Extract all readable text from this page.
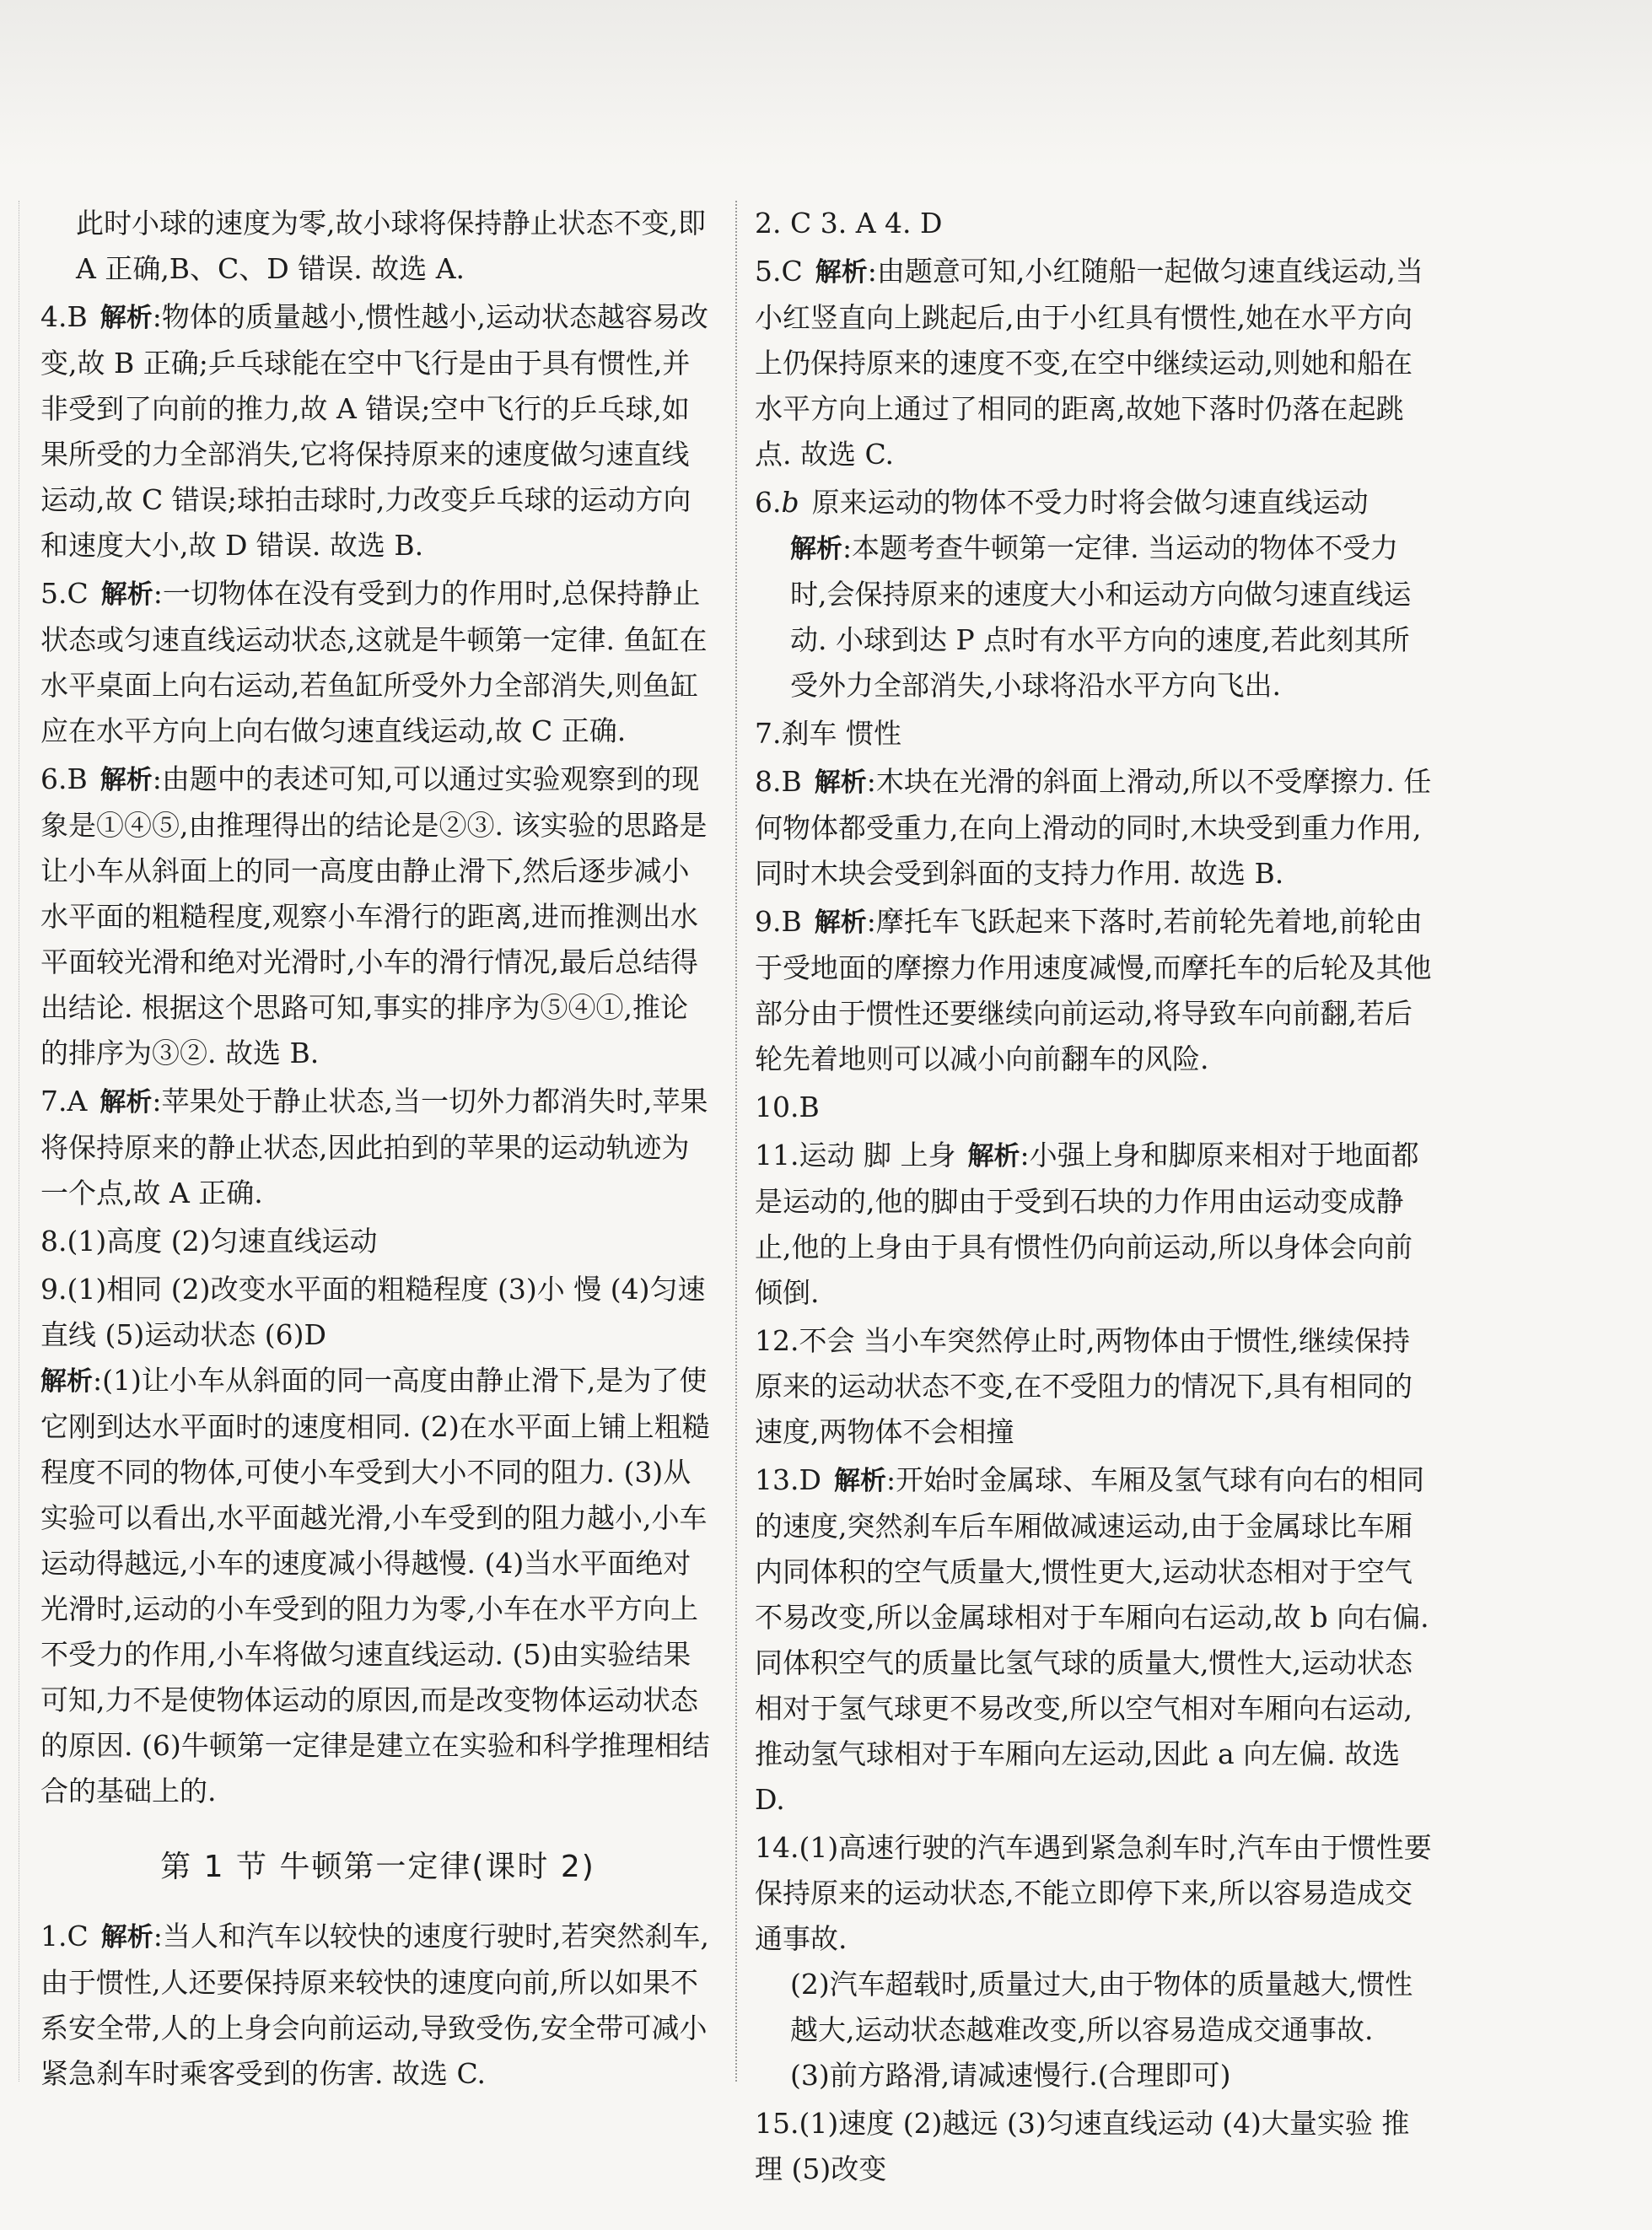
此时小球的速度为零,故小球将保持静止状态不变,即 A 正确,B、C、D 错误. 故选 A.

4.B 解析:物体的质量越小,惯性越小,运动状态越容易改变,故 B 正确;乒乓球能在空中飞行是由于具有惯性,并非受到了向前的推力,故 A 错误;空中飞行的乒乓球,如果所受的力全部消失,它将保持原来的速度做匀速直线运动,故 C 错误;球拍击球时,力改变乒乓球的运动方向和速度大小,故 D 错误. 故选 B.

5.C 解析:一切物体在没有受到力的作用时,总保持静止状态或匀速直线运动状态,这就是牛顿第一定律. 鱼缸在水平桌面上向右运动,若鱼缸所受外力全部消失,则鱼缸应在水平方向上向右做匀速直线运动,故 C 正确.

6.B 解析:由题中的表述可知,可以通过实验观察到的现象是①④⑤,由推理得出的结论是②③. 该实验的思路是让小车从斜面上的同一高度由静止滑下,然后逐步减小水平面的粗糙程度,观察小车滑行的距离,进而推测出水平面较光滑和绝对光滑时,小车的滑行情况,最后总结得出结论. 根据这个思路可知,事实的排序为⑤④①,推论的排序为③②. 故选 B.

7.A 解析:苹果处于静止状态,当一切外力都消失时,苹果将保持原来的静止状态,因此拍到的苹果的运动轨迹为一个点,故 A 正确.

8.(1)高度 (2)匀速直线运动

9.(1)相同 (2)改变水平面的粗糙程度 (3)小 慢 (4)匀速直线 (5)运动状态 (6)D

解析:(1)让小车从斜面的同一高度由静止滑下,是为了使它刚到达水平面时的速度相同. (2)在水平面上铺上粗糙程度不同的物体,可使小车受到大小不同的阻力. (3)从实验可以看出,水平面越光滑,小车受到的阻力越小,小车运动得越远,小车的速度减小得越慢. (4)当水平面绝对光滑时,运动的小车受到的阻力为零,小车在水平方向上不受力的作用,小车将做匀速直线运动. (5)由实验结果可知,力不是使物体运动的原因,而是改变物体运动状态的原因. (6)牛顿第一定律是建立在实验和科学推理相结合的基础上的.

第 1 节 牛顿第一定律(课时 2)

1.C 解析:当人和汽车以较快的速度行驶时,若突然刹车,由于惯性,人还要保持原来较快的速度向前,所以如果不系安全带,人的上身会向前运动,导致受伤,安全带可减小紧急刹车时乘客受到的伤害. 故选 C.

2. C 3. A 4. D

5.C 解析:由题意可知,小红随船一起做匀速直线运动,当小红竖直向上跳起后,由于小红具有惯性,她在水平方向上仍保持原来的速度不变,在空中继续运动,则她和船在水平方向上通过了相同的距离,故她下落时仍落在起跳点. 故选 C.

6.b 原来运动的物体不受力时将会做匀速直线运动

解析:本题考查牛顿第一定律. 当运动的物体不受力时,会保持原来的速度大小和运动方向做匀速直线运动. 小球到达 P 点时有水平方向的速度,若此刻其所受外力全部消失,小球将沿水平方向飞出.

7.刹车 惯性

8.B 解析:木块在光滑的斜面上滑动,所以不受摩擦力. 任何物体都受重力,在向上滑动的同时,木块受到重力作用,同时木块会受到斜面的支持力作用. 故选 B.

9.B 解析:摩托车飞跃起来下落时,若前轮先着地,前轮由于受地面的摩擦力作用速度减慢,而摩托车的后轮及其他部分由于惯性还要继续向前运动,将导致车向前翻,若后轮先着地则可以减小向前翻车的风险.

10.B

11.运动 脚 上身 解析:小强上身和脚原来相对于地面都是运动的,他的脚由于受到石块的力作用由运动变成静止,他的上身由于具有惯性仍向前运动,所以身体会向前倾倒.

12.不会 当小车突然停止时,两物体由于惯性,继续保持原来的运动状态不变,在不受阻力的情况下,具有相同的速度,两物体不会相撞

13.D 解析:开始时金属球、车厢及氢气球有向右的相同的速度,突然刹车后车厢做减速运动,由于金属球比车厢内同体积的空气质量大,惯性更大,运动状态相对于空气不易改变,所以金属球相对于车厢向右运动,故 b 向右偏. 同体积空气的质量比氢气球的质量大,惯性大,运动状态相对于氢气球更不易改变,所以空气相对车厢向右运动,推动氢气球相对于车厢向左运动,因此 a 向左偏. 故选 D.

14.(1)高速行驶的汽车遇到紧急刹车时,汽车由于惯性要保持原来的运动状态,不能立即停下来,所以容易造成交通事故.

(2)汽车超载时,质量过大,由于物体的质量越大,惯性越大,运动状态越难改变,所以容易造成交通事故.

(3)前方路滑,请减速慢行.(合理即可)

15.(1)速度 (2)越远 (3)匀速直线运动 (4)大量实验 推理 (5)改变
